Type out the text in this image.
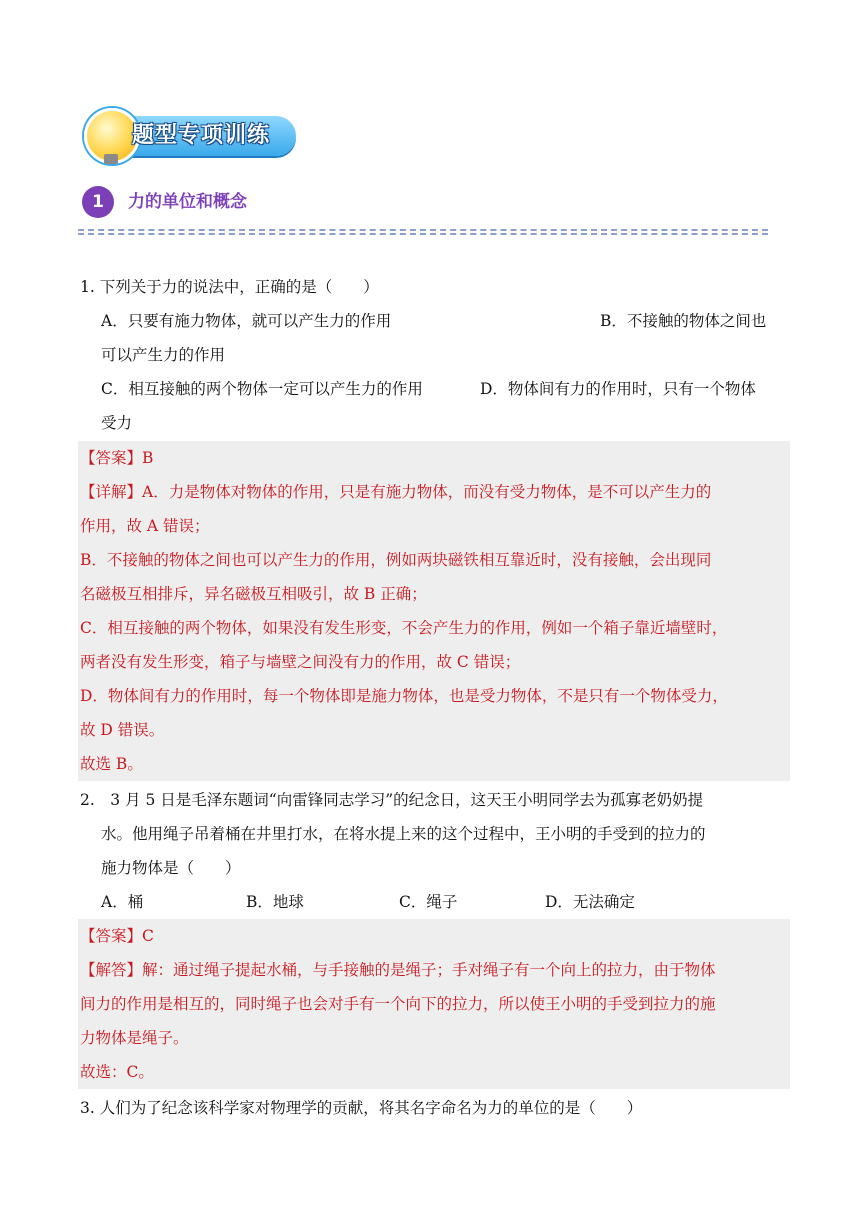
题型专项训练
1	力的单位和概念
1. 下列关于力的说法中，正确的是（　　）
A．只要有施力物体，就可以产生力的作用	B．不接触的物体之间也
可以产生力的作用
C．相互接触的两个物体一定可以产生力的作用	D．物体间有力的作用时，只有一个物体
受力
【答案】B
【详解】A．力是物体对物体的作用，只是有施力物体，而没有受力物体，是不可以产生力的
作用，故 A 错误；
B．不接触的物体之间也可以产生力的作用，例如两块磁铁相互靠近时，没有接触，会出现同
名磁极互相排斥，异名磁极互相吸引，故 B 正确；
C．相互接触的两个物体，如果没有发生形变，不会产生力的作用，例如一个箱子靠近墙壁时，
两者没有发生形变，箱子与墙壁之间没有力的作用，故 C 错误；
D．物体间有力的作用时，每一个物体即是施力物体，也是受力物体，不是只有一个物体受力，
故 D 错误。
故选 B。
2.　3 月 5 日是毛泽东题词“向雷锋同志学习”的纪念日，这天王小明同学去为孤寡老奶奶提
水。他用绳子吊着桶在井里打水，在将水提上来的这个过程中，王小明的手受到的拉力的
施力物体是（　　）
A．桶	B．地球	C．绳子	D．无法确定
【答案】C
【解答】解：通过绳子提起水桶，与手接触的是绳子；手对绳子有一个向上的拉力，由于物体
间力的作用是相互的，同时绳子也会对手有一个向下的拉力，所以使王小明的手受到拉力的施
力物体是绳子。
故选：C。
3. 人们为了纪念该科学家对物理学的贡献，将其名字命名为力的单位的是（　　）
